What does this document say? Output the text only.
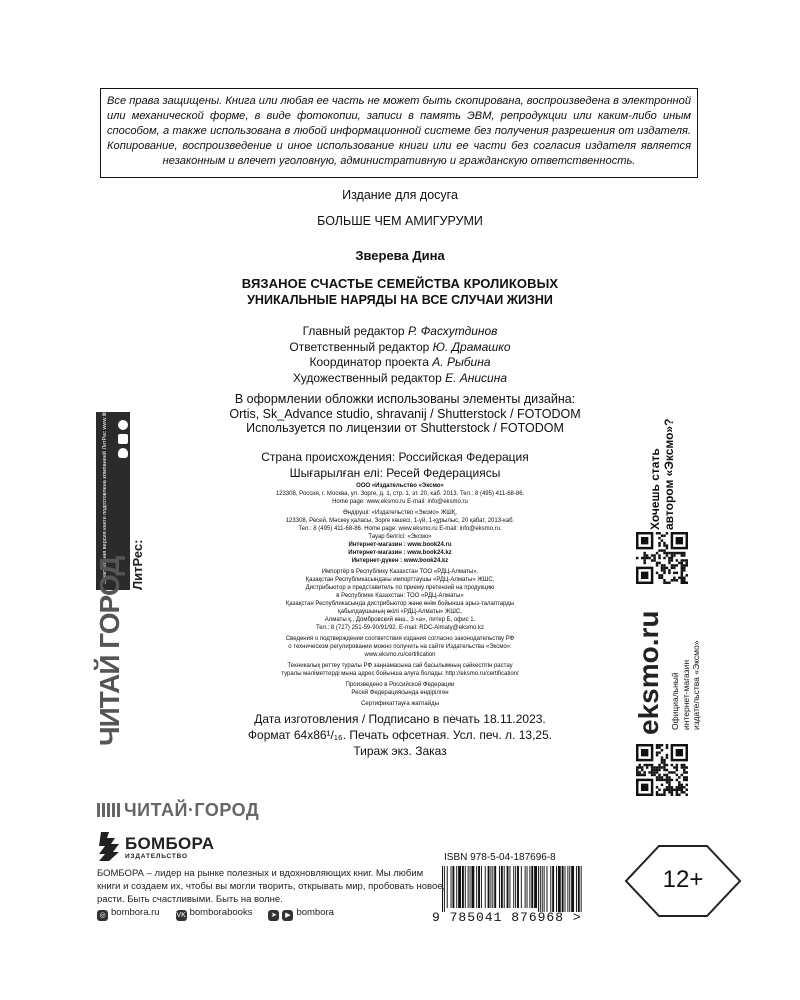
Все права защищены. Книга или любая ее часть не может быть скопирована, воспроизведена в электронной или механической форме, в виде фотокопии, записи в память ЭВМ, репродукции или каким-либо иным способом, а также использована в любой информационной системе без получения разрешения от издателя. Копирование, воспроизведение и иное использование книги или ее части без согласия издателя является незаконным и влечет уголовную, административную и гражданскую ответственность.
Издание для досуга
БОЛЬШЕ ЧЕМ АМИГУРУМИ
Зверева Дина
ВЯЗАНОЕ СЧАСТЬЕ СЕМЕЙСТВА КРОЛИКОВЫХ
УНИКАЛЬНЫЕ НАРЯДЫ НА ВСЕ СЛУЧАИ ЖИЗНИ
Главный редактор Р. Фасхутдинов
Ответственный редактор Ю. Драмашко
Координатор проекта А. Рыбина
Художественный редактор Е. Анисина
В оформлении обложки использованы элементы дизайна:
Ortis, Sk_Advance studio, shravanij / Shutterstock / FOTODOM
Используется по лицензии от Shutterstock / FOTODOM
Страна происхождения: Российская Федерация
Шығарылған елі: Ресей Федерациясы
ООО «Издательство «Эксмо»
123308, Россия, г. Москва, ул. Зорге, д. 1, стр. 1, эт. 20, каб. 2013. Тел.: 8 (495) 411-68-86.
Home page: www.eksmo.ru E-mail: info@eksmo.ru
Өндіруші: «Издательство «Эксмо» ЖШҚ,
123308, Ресей, Мәскеу қаласы, Зорге көшесі, 1-үй, 1-құрылыс, 20 қабат, 2013-каб.
Тел.: 8 (495) 411-68-86. Home page: www.eksmo.ru E-mail: info@eksmo.ru.
Тауар белгісі: «Эксмо»
Интернет-магазин : www.book24.ru
Интернет-магазин : www.book24.kz
Интернет-дүкен : www.book24.kz
Импортёр в Республику Казахстан ТОО «РДЦ-Алматы».
Қазақстан Республикасындағы импорттаушы «РДЦ-Алматы» ЖШС.
Дистрибьютор и представитель по приему претензий на продукцию
в Республике Казахстан: ТОО «РДЦ-Алматы»
Қазақстан Республикасында дистрибьютор және өнім бойынша арыз-талаптарды
қабылдаушының өкілі «РДЦ-Алматы» ЖШС,
Алматы қ., Домбровский көш., 3 «а», литер Б, офис 1.
Тел.: 8 (727) 251-59-90/91/92. E-mail: RDC-Almaty@eksmo.kz
Сведения о подтверждении соответствия издания согласно законодательству РФ
о техническом регулировании можно получить на сайте Издательства «Эксмо»:
www.eksmo.ru/certification
Техникалық реттеу туралы РФ заңнамасына сай басылымның сәйкестігін растау
туралы мәліметтерді мына адрес бойынша алуға болады: http://eksmo.ru/certification/
Произведено в Российской Федерации
Ресей Федерациясында өндірілген
Сертификаттауға жатпайды
Дата изготовления / Подписано в печать 18.11.2023.
Формат 64x86¹/₁₆. Печать офсетная. Усл. печ. л. 13,25.
Тираж экз. Заказ
Электронная версия книги подготовлена компанией ЛитРес www.litres.ru ЛитРес:
ЧИТАЙ ГОРОД
Хочешь стать автором «Эксмо»?
eksmo.ru Официальный интернет-магазин издательства «Эксмо»
ЧИТАЙ·ГОРОД
БОМБОРА
ИЗДАТЕЛЬСТВО
БОМБОРА – лидер на рынке полезных и вдохновляющих книг. Мы любим книги и создаем их, чтобы вы могли творить, открывать мир, пробовать новое, расти. Быть счастливыми. Быть на волне.
◎ bombora.ru VK bomborabooks	➤ ▶ bombora
ISBN 978-5-04-187696-8
9 785041 876968 >
12+
